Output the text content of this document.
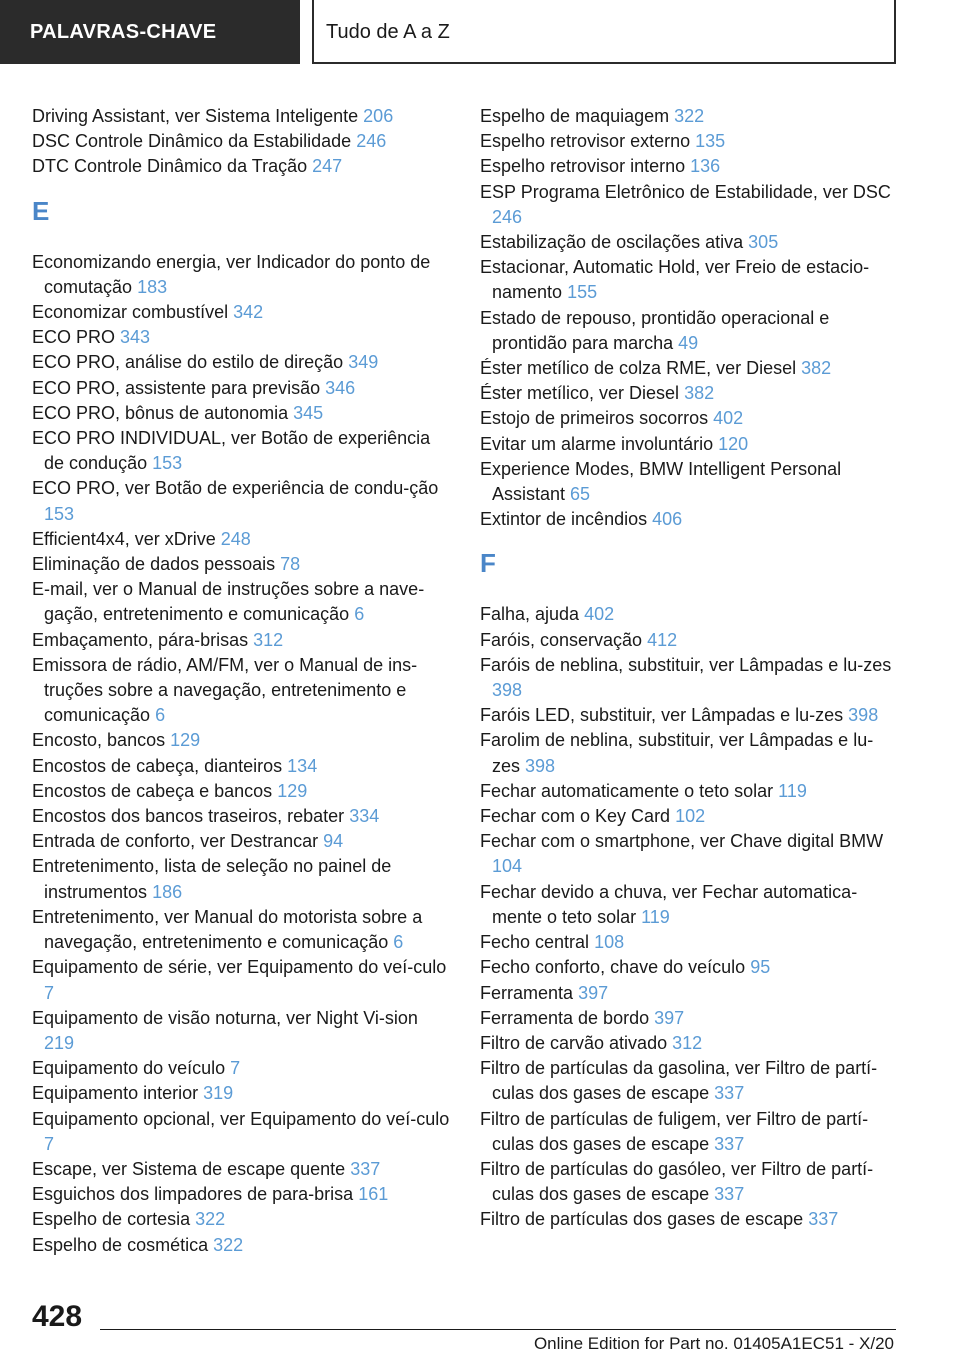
PALAVRAS-CHAVE	Tudo de A a Z
Driving Assistant, ver Sistema Inteligente 206
DSC Controle Dinâmico da Estabilidade 246
DTC Controle Dinâmico da Tração 247
E
Economizando energia, ver Indicador do ponto de comutação 183
Economizar combustível 342
ECO PRO 343
ECO PRO, análise do estilo de direção 349
ECO PRO, assistente para previsão 346
ECO PRO, bônus de autonomia 345
ECO PRO INDIVIDUAL, ver Botão de experiência de condução 153
ECO PRO, ver Botão de experiência de condu-ção 153
Efficient4x4, ver xDrive 248
Eliminação de dados pessoais 78
E-mail, ver o Manual de instruções sobre a nave-gação, entretenimento e comunicação 6
Embaçamento, pára-brisas 312
Emissora de rádio, AM/FM, ver o Manual de ins-truções sobre a navegação, entretenimento e comunicação 6
Encosto, bancos 129
Encostos de cabeça, dianteiros 134
Encostos de cabeça e bancos 129
Encostos dos bancos traseiros, rebater 334
Entrada de conforto, ver Destrancar 94
Entretenimento, lista de seleção no painel de instrumentos 186
Entretenimento, ver Manual do motorista sobre a navegação, entretenimento e comunicação 6
Equipamento de série, ver Equipamento do veí-culo 7
Equipamento de visão noturna, ver Night Vi-sion 219
Equipamento do veículo 7
Equipamento interior 319
Equipamento opcional, ver Equipamento do veí-culo 7
Escape, ver Sistema de escape quente 337
Esguichos dos limpadores de para-brisa 161
Espelho de cortesia 322
Espelho de cosmética 322
Espelho de maquiagem 322
Espelho retrovisor externo 135
Espelho retrovisor interno 136
ESP Programa Eletrônico de Estabilidade, ver DSC 246
Estabilização de oscilações ativa 305
Estacionar, Automatic Hold, ver Freio de estacio-namento 155
Estado de repouso, prontidão operacional e prontidão para marcha 49
Éster metílico de colza RME, ver Diesel 382
Éster metílico, ver Diesel 382
Estojo de primeiros socorros 402
Evitar um alarme involuntário 120
Experience Modes, BMW Intelligent Personal Assistant 65
Extintor de incêndios 406
F
Falha, ajuda 402
Faróis, conservação 412
Faróis de neblina, substituir, ver Lâmpadas e lu-zes 398
Faróis LED, substituir, ver Lâmpadas e lu-zes 398
Farolim de neblina, substituir, ver Lâmpadas e lu-zes 398
Fechar automaticamente o teto solar 119
Fechar com o Key Card 102
Fechar com o smartphone, ver Chave digital BMW 104
Fechar devido a chuva, ver Fechar automatica-mente o teto solar 119
Fecho central 108
Fecho conforto, chave do veículo 95
Ferramenta 397
Ferramenta de bordo 397
Filtro de carvão ativado 312
Filtro de partículas da gasolina, ver Filtro de partí-culas dos gases de escape 337
Filtro de partículas de fuligem, ver Filtro de partí-culas dos gases de escape 337
Filtro de partículas do gasóleo, ver Filtro de partí-culas dos gases de escape 337
Filtro de partículas dos gases de escape 337
428
Online Edition for Part no. 01405A1EC51 - X/20
